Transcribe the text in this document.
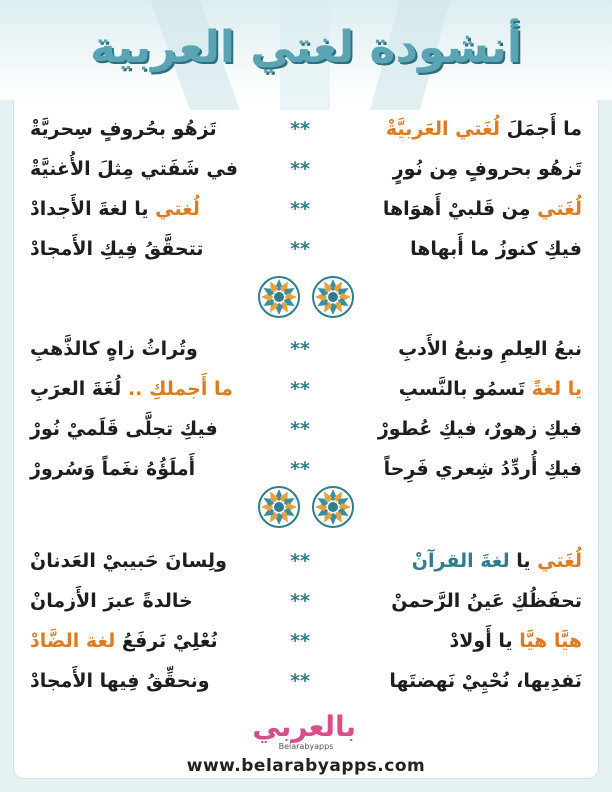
أنشودة لغتي العربية
ما أَجمَلَ لُغَتي العَربيَّةْ
**
تَزهُو بحُروفٍ سِحريَّةْ
تَزهُو بحروفٍ مِن نُورٍ
**
في شَفَتي مِثلَ الأُغنيَّةْ
لُغَتي مِن قَلبيْ أَهوَاها
**
لُغتي يا لغةَ الأَجدادْ
فيكِ كنوزُ ما أَبهاها
**
تتحقَّقُ فِيكِ الأَمجادْ
نبعُ العِلمِ ونبعُ الأَدبِ
**
وتُراثُ زاهٍ كالذَّهبِ
يا لغةً تَسمُو بالنَّسبِ
**
ما أَجملكِ .. لُغَةَ العرَبِ
فيكِ زهورٌ، فيكِ عُطورْ
**
فيكِ تجلَّى قَلَميْ نُورْ
فيكِ أُردِّدُ شِعري فَرِحاً
**
أَملَؤُهُ نغَماً وَسُرورْ
لُغَتي يا لغةَ القرآنْ
**
ولِسانَ حَبيبيْ العَدنانْ
تحفَظُكِ عَينُ الرَّحمنْ
**
خالدةً عبرَ الأَزمانْ
هيَّا هيَّا يا أَولادْ
**
نُعْلِيْ نَرفَعُ لغة الضَّادْ
نَفدِيها، نُحْيِيْ نَهضتَها
**
ونحقِّقُ فِيها الأَمجادْ
بالعربي
Belarabyapps
www.belarabyapps.com
